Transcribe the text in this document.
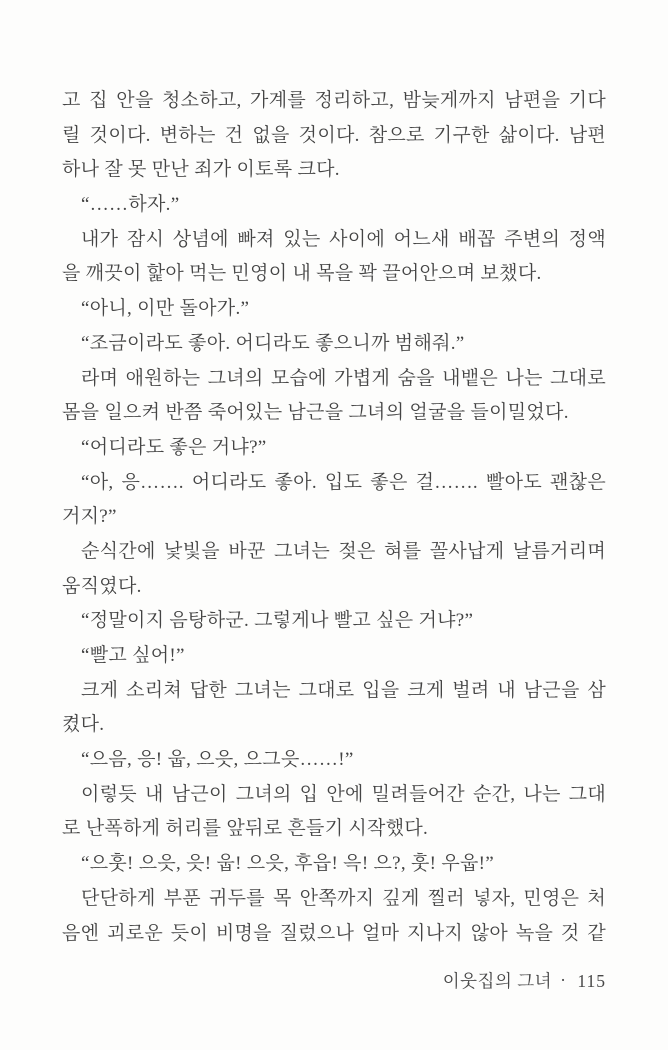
고 집 안을 청소하고, 가계를 정리하고, 밤늦게까지 남편을 기다
릴 것이다. 변하는 건 없을 것이다. 참으로 기구한 삶이다. 남편
하나 잘 못 만난 죄가 이토록 크다.
“……하자.”
내가 잠시 상념에 빠져 있는 사이에 어느새 배꼽 주변의 정액
을 깨끗이 핥아 먹는 민영이 내 목을 꽉 끌어안으며 보챘다.
“아니, 이만 돌아가.”
“조금이라도 좋아. 어디라도 좋으니까 범해줘.”
라며 애원하는 그녀의 모습에 가볍게 숨을 내뱉은 나는 그대로
몸을 일으켜 반쯤 죽어있는 남근을 그녀의 얼굴을 들이밀었다.
“어디라도 좋은 거냐?”
“아, 응……. 어디라도 좋아. 입도 좋은 걸……. 빨아도 괜찮은
거지?”
순식간에 낯빛을 바꾼 그녀는 젖은 혀를 꼴사납게 날름거리며
움직였다.
“정말이지 음탕하군. 그렇게나 빨고 싶은 거냐?”
“빨고 싶어!”
크게 소리쳐 답한 그녀는 그대로 입을 크게 벌려 내 남근을 삼
켰다.
“으음, 응! 웁, 으읏, 으그읏……!”
이렇듯 내 남근이 그녀의 입 안에 밀려들어간 순간, 나는 그대
로 난폭하게 허리를 앞뒤로 흔들기 시작했다.
“으훗! 으읏, 읏! 웁! 으읏, 후읍! 윽! 으?, 훗! 우웁!”
단단하게 부푼 귀두를 목 안쪽까지 깊게 찔러 넣자, 민영은 처
음엔 괴로운 듯이 비명을 질렀으나 얼마 지나지 않아 녹을 것 같
이웃집의 그녀 · 115
